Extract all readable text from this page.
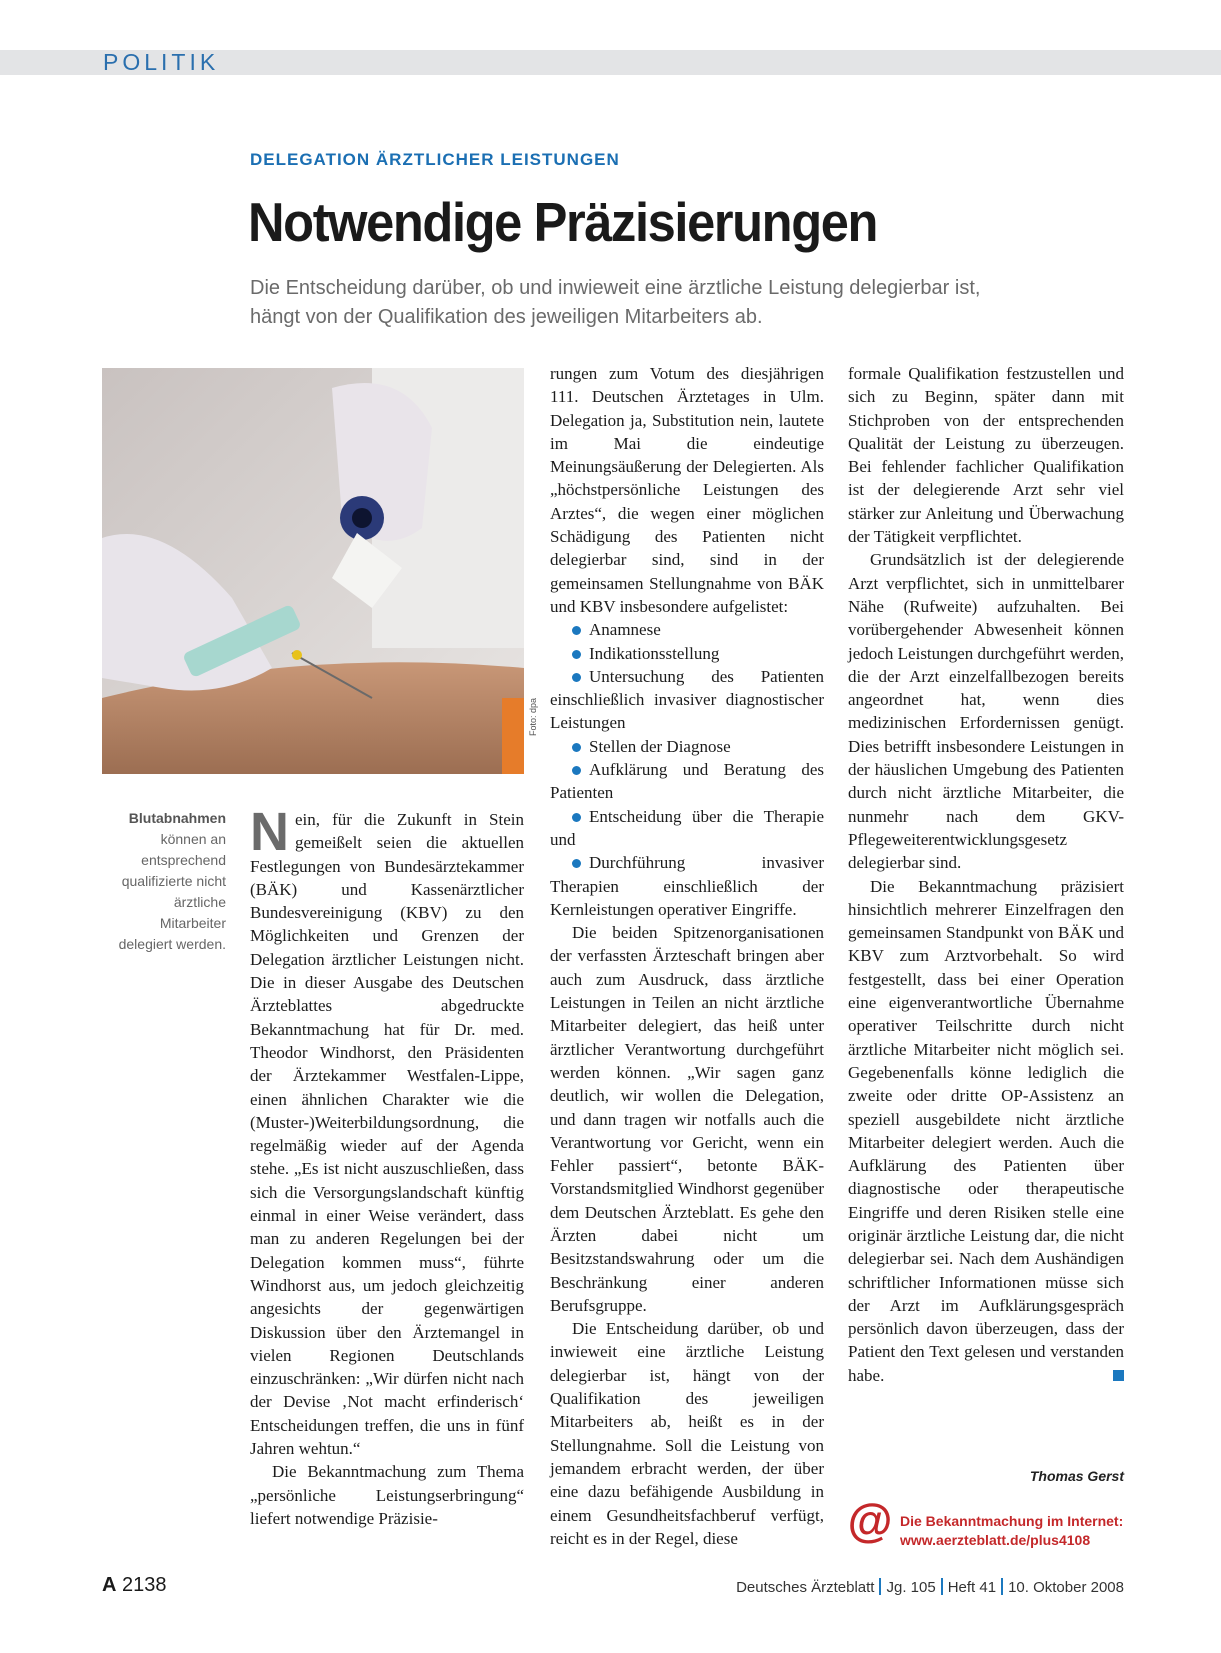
POLITIK
DELEGATION ÄRZTLICHER LEISTUNGEN
Notwendige Präzisierungen
Die Entscheidung darüber, ob und inwieweit eine ärztliche Leistung delegierbar ist, hängt von der Qualifikation des jeweiligen Mitarbeiters ab.
Foto: dpa
Blutabnahmen können an entsprechend qualifizierte nicht ärztliche Mitarbeiter delegiert werden.

Nein, für die Zukunft in Stein gemeißelt seien die aktuellen Festlegungen von Bundesärztekammer (BÄK) und Kassenärztlicher Bundesvereinigung (KBV) zu den Möglichkeiten und Grenzen der Delegation ärztlicher Leistungen nicht. Die in dieser Ausgabe des Deutschen Ärzteblattes abgedruckte Bekanntmachung hat für Dr. med. Theodor Windhorst, den Präsidenten der Ärztekammer Westfalen-Lippe, einen ähnlichen Charakter wie die (Muster-)Weiterbildungsordnung, die regelmäßig wieder auf der Agenda stehe. „Es ist nicht auszuschließen, dass sich die Versorgungslandschaft künftig einmal in einer Weise verändert, dass man zu anderen Regelungen bei der Delegation kommen muss“, führte Windhorst aus, um jedoch gleichzeitig angesichts der gegenwärtigen Diskussion über den Ärztemangel in vielen Regionen Deutschlands einzuschränken: „Wir dürfen nicht nach der Devise ‚Not macht erfinderisch‘ Entscheidungen treffen, die uns in fünf Jahren wehtun.“

Die Bekanntmachung zum Thema „persönliche Leistungserbringung“ liefert notwendige Präzisie-

rungen zum Votum des diesjährigen 111. Deutschen Ärztetages in Ulm. Delegation ja, Substitution nein, lautete im Mai die eindeutige Meinungsäußerung der Delegierten. Als „höchstpersönliche Leistungen des Arztes“, die wegen einer möglichen Schädigung des Patienten nicht delegierbar sind, sind in der gemeinsamen Stellungnahme von BÄK und KBV insbesondere aufgelistet:

Anamnese

Indikationsstellung

Untersuchung des Patienten einschließlich invasiver diagnostischer Leistungen

Stellen der Diagnose

Aufklärung und Beratung des Patienten

Entscheidung über die Therapie und

Durchführung invasiver Therapien einschließlich der Kernleistungen operativer Eingriffe.

Die beiden Spitzenorganisationen der verfassten Ärzteschaft bringen aber auch zum Ausdruck, dass ärztliche Leistungen in Teilen an nicht ärztliche Mitarbeiter delegiert, das heiß unter ärztlicher Verantwortung durchgeführt werden können. „Wir sagen ganz deutlich, wir wollen die Delegation, und dann tragen wir notfalls auch die Verantwortung vor Gericht, wenn ein Fehler passiert“, betonte BÄK-Vorstandsmitglied Windhorst gegenüber dem Deutschen Ärzteblatt. Es gehe den Ärzten dabei nicht um Besitzstandswahrung oder um die Beschränkung einer anderen Berufsgruppe.

Die Entscheidung darüber, ob und inwieweit eine ärztliche Leistung delegierbar ist, hängt von der Qualifikation des jeweiligen Mitarbeiters ab, heißt es in der Stellungnahme. Soll die Leistung von jemandem erbracht werden, der über eine dazu befähigende Ausbildung in einem Gesundheitsfachberuf verfügt, reicht es in der Regel, diese

formale Qualifikation festzustellen und sich zu Beginn, später dann mit Stichproben von der entsprechenden Qualität der Leistung zu überzeugen. Bei fehlender fachlicher Qualifikation ist der delegierende Arzt sehr viel stärker zur Anleitung und Überwachung der Tätigkeit verpflichtet.

Grundsätzlich ist der delegierende Arzt verpflichtet, sich in unmittelbarer Nähe (Rufweite) aufzuhalten. Bei vorübergehender Abwesenheit können jedoch Leistungen durchgeführt werden, die der Arzt einzelfallbezogen bereits angeordnet hat, wenn dies medizinischen Erfordernissen genügt. Dies betrifft insbesondere Leistungen in der häuslichen Umgebung des Patienten durch nicht ärztliche Mitarbeiter, die nunmehr nach dem GKV-Pflegeweiterentwicklungsgesetz delegierbar sind.

Die Bekanntmachung präzisiert hinsichtlich mehrerer Einzelfragen den gemeinsamen Standpunkt von BÄK und KBV zum Arztvorbehalt. So wird festgestellt, dass bei einer Operation eine eigenverantwortliche Übernahme operativer Teilschritte durch nicht ärztliche Mitarbeiter nicht möglich sei. Gegebenenfalls könne lediglich die zweite oder dritte OP-Assistenz an speziell ausgebildete nicht ärztliche Mitarbeiter delegiert werden. Auch die Aufklärung des Patienten über diagnostische oder therapeutische Eingriffe und deren Risiken stelle eine originär ärztliche Leistung dar, die nicht delegierbar sei. Nach dem Aushändigen schriftlicher Informationen müsse sich der Arzt im Aufklärungsgespräch persönlich davon überzeugen, dass der Patient den Text gelesen und verstanden habe.

Thomas Gerst
@ Die Bekanntmachung im Internet:
www.aerzteblatt.de/plus4108
A 2138	Deutsches Ärzteblatt Jg. 105 Heft 41 10. Oktober 2008
